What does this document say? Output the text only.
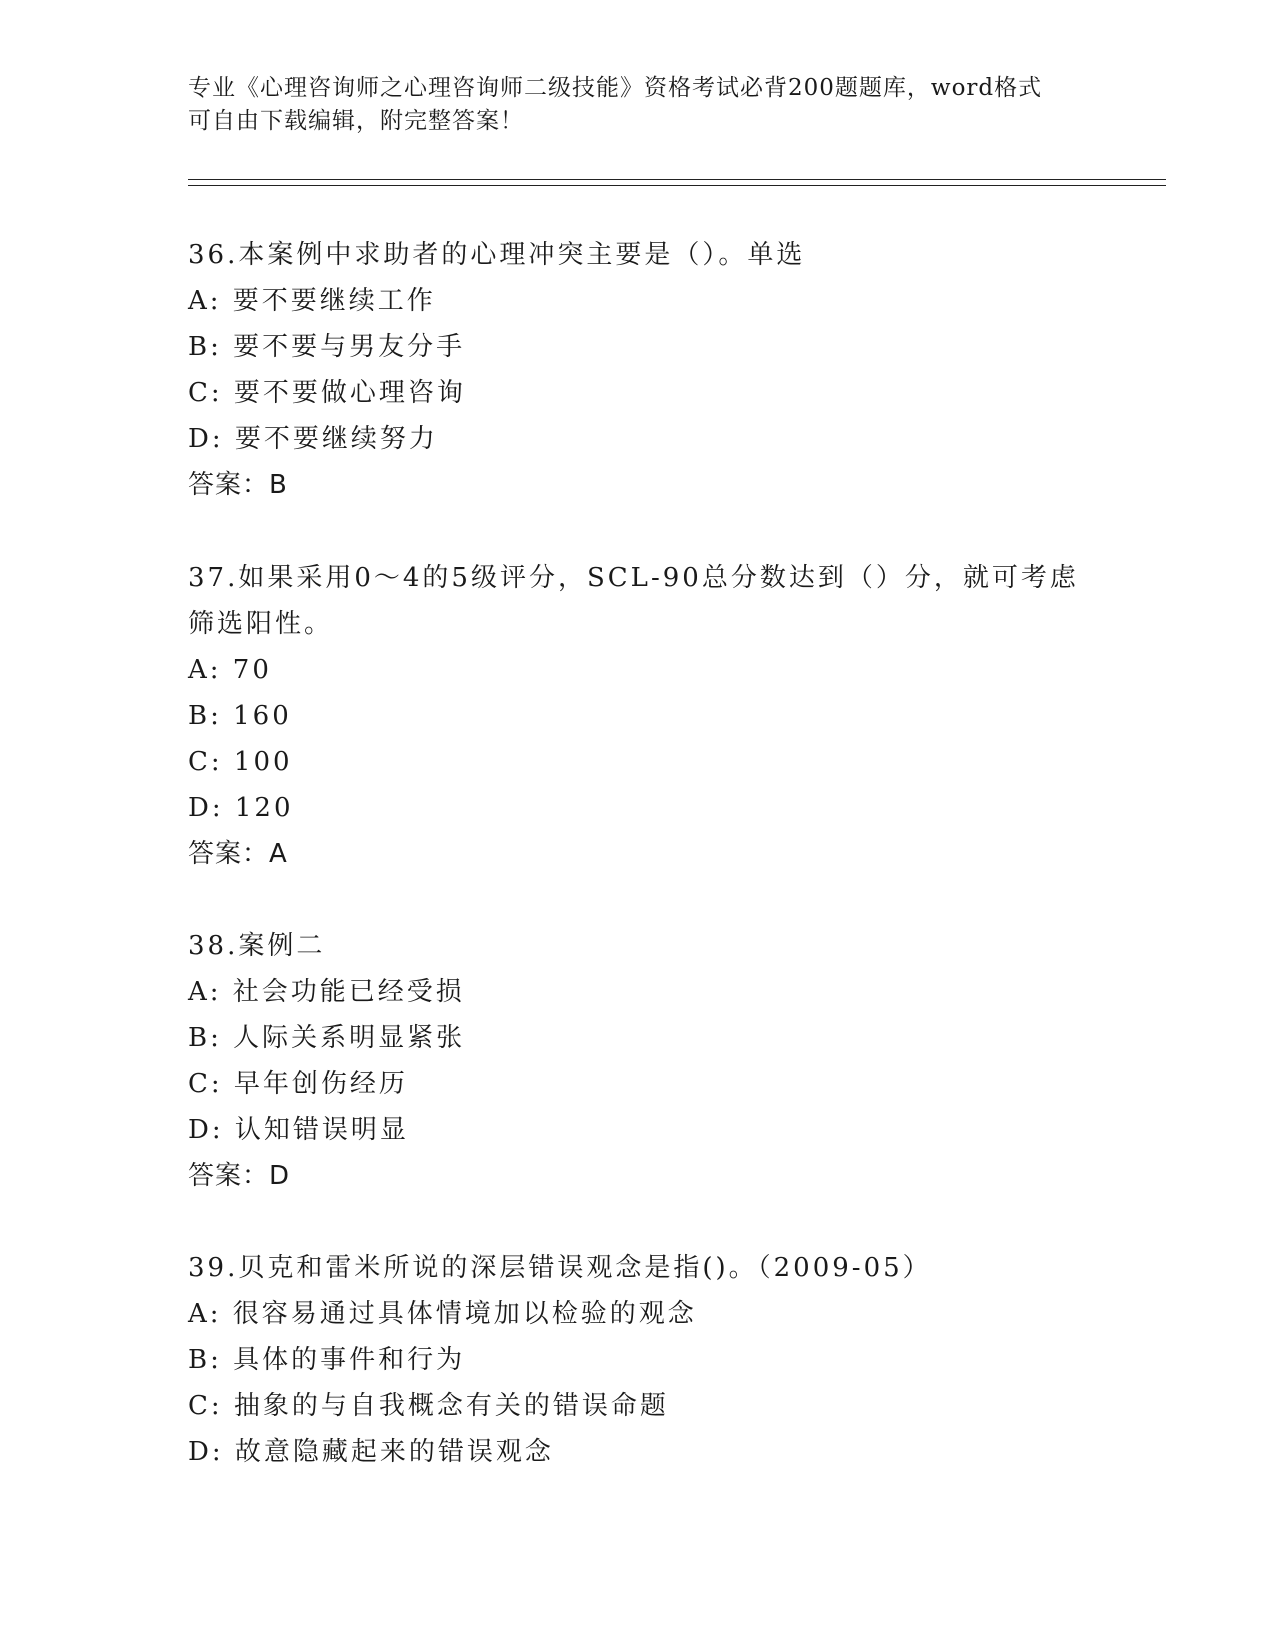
专业《心理咨询师之心理咨询师二级技能》资格考试必背200题题库，word格式
可自由下载编辑，附完整答案！
36.本案例中求助者的心理冲突主要是（）。单选
A: 要不要继续工作
B: 要不要与男友分手
C: 要不要做心理咨询
D: 要不要继续努力
答案：B
37.如果采用0～4的5级评分，SCL-90总分数达到（）分，就可考虑
筛选阳性。
A: 70
B: 160
C: 100
D: 120
答案：A
38.案例二
A: 社会功能已经受损
B: 人际关系明显紧张
C: 早年创伤经历
D: 认知错误明显
答案：D
39.贝克和雷米所说的深层错误观念是指()。（2009-05）
A: 很容易通过具体情境加以检验的观念
B: 具体的事件和行为
C: 抽象的与自我概念有关的错误命题
D: 故意隐藏起来的错误观念
